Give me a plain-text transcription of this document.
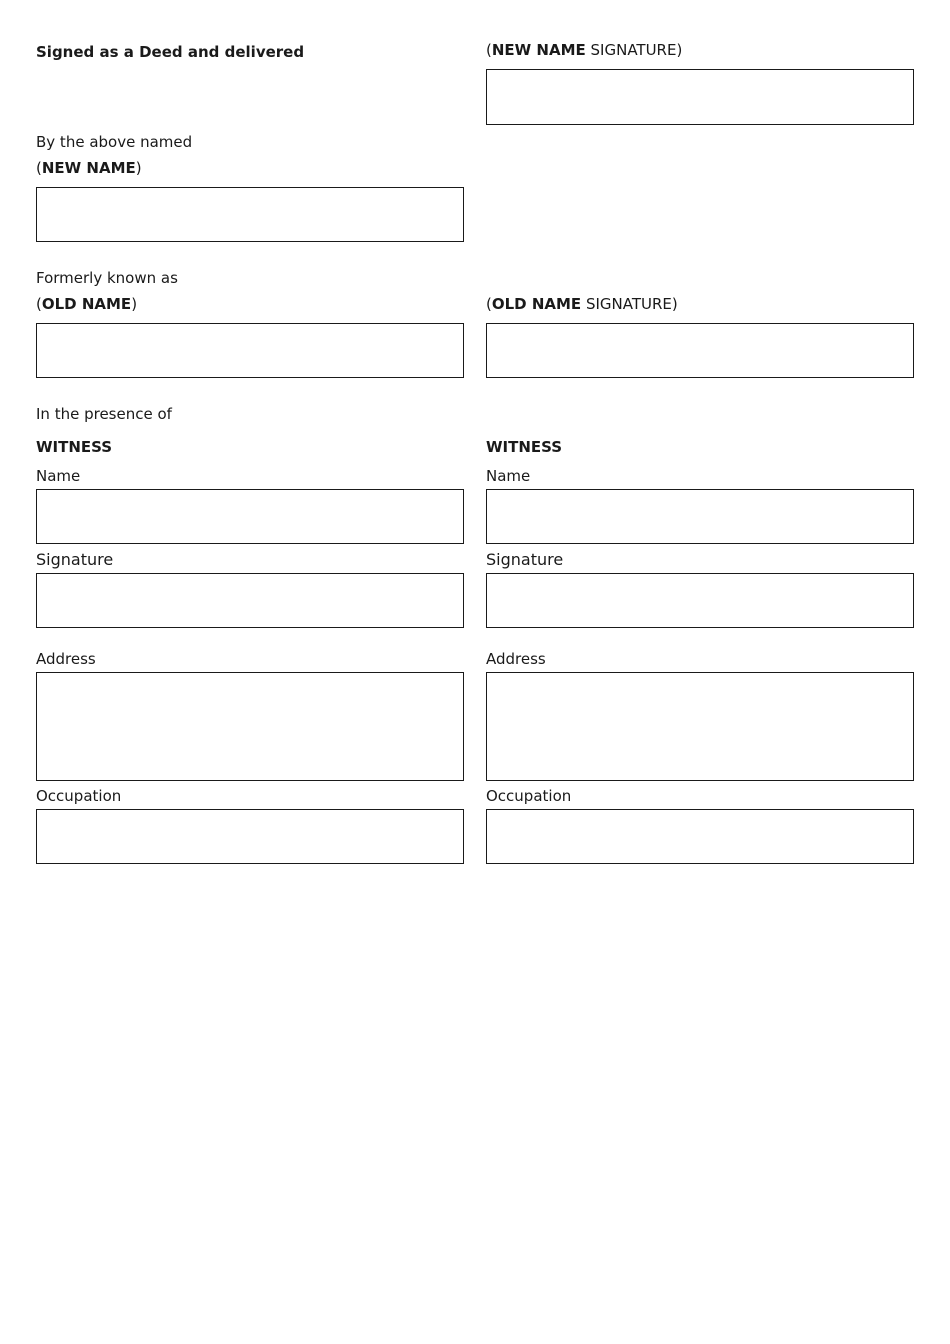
Signed as a Deed and delivered	(NEW NAME SIGNATURE)
By the above named
(NEW NAME)
Formerly known as
(OLD NAME)	(OLD NAME SIGNATURE)
In the presence of
WITNESS
Name
Signature
Address
Occupation
WITNESS
Name
Signature
Address
Occupation
